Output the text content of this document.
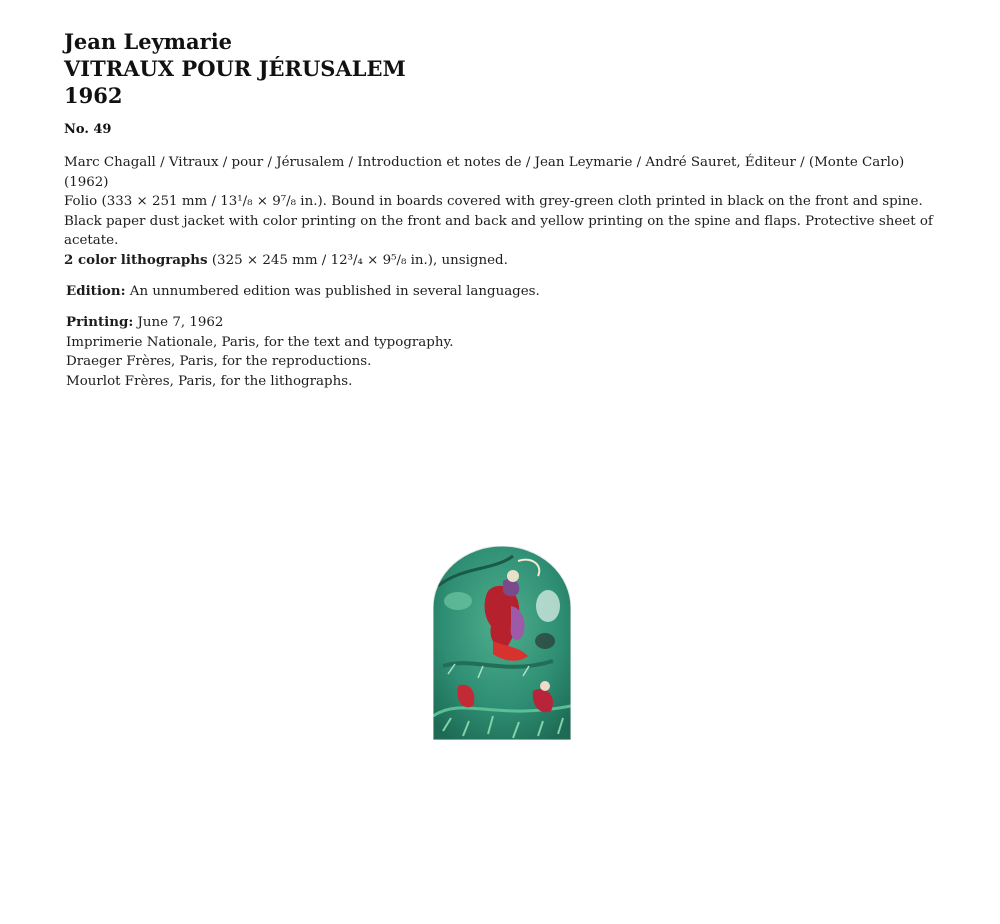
Jean Leymarie
VITRAUX POUR JÉRUSALEM
1962
No. 49

Marc Chagall / Vitraux / pour / Jérusalem / Introduction et notes de / Jean Leymarie / André Sauret, Éditeur / (Monte Carlo) (1962)

Folio (333 × 251 mm / 13¹/₈ × 9⁷/₈ in.). Bound in boards covered with grey-green cloth printed in black on the front and spine. Black paper dust jacket with color printing on the front and back and yellow printing on the spine and flaps. Protective sheet of acetate.

2 color lithographs (325 × 245 mm / 12³/₄ × 9⁵/₈ in.), unsigned.

Edition: An unnumbered edition was published in several languages.
Printing: June 7, 1962
Imprimerie Nationale, Paris, for the text and typography.
Draeger Frères, Paris, for the reproductions.
Mourlot Frères, Paris, for the lithographs.
